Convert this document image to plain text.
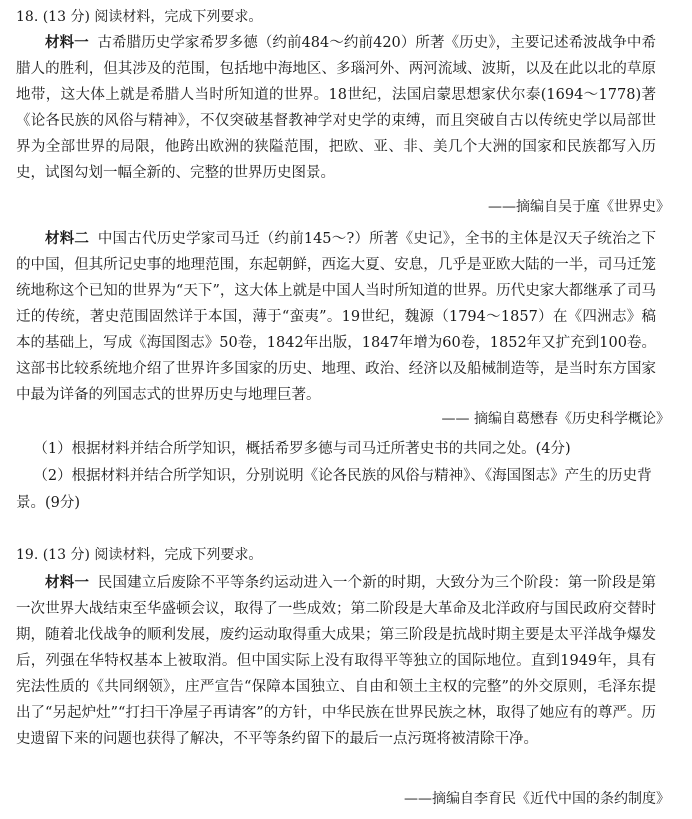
18. (13 分) 阅读材料，完成下列要求。

材料一 古希腊历史学家希罗多德（约前484～约前420）所著《历史》，主要记述希波战争中希腊人的胜利，但其涉及的范围，包括地中海地区、多瑙河外、两河流域、波斯，以及在此以北的草原地带，这大体上就是希腊人当时所知道的世界。18世纪，法国启蒙思想家伏尔泰(1694～1778)著《论各民族的风俗与精神》，不仅突破基督教神学对史学的束缚，而且突破自古以传统史学以局部世界为全部世界的局限，他跨出欧洲的狭隘范围，把欧、亚、非、美几个大洲的国家和民族都写入历史，试图勾划一幅全新的、完整的世界历史图景。

——摘编自吴于廑《世界史》

材料二 中国古代历史学家司马迁（约前145～?）所著《史记》，全书的主体是汉天子统治之下的中国，但其所记史事的地理范围，东起朝鲜，西迄大夏、安息，几乎是亚欧大陆的一半，司马迁笼统地称这个已知的世界为“天下”，这大体上就是中国人当时所知道的世界。历代史家大都继承了司马迁的传统，著史范围固然详于本国，薄于“蛮夷”。19世纪，魏源（1794～1857）在《四洲志》稿本的基础上，写成《海国图志》50卷，1842年出版，1847年增为60卷，1852年又扩充到100卷。这部书比较系统地介绍了世界许多国家的历史、地理、政治、经济以及船械制造等，是当时东方国家中最为详备的列国志式的世界历史与地理巨著。

—— 摘编自葛懋春《历史科学概论》

（1）根据材料并结合所学知识，概括希罗多德与司马迁所著史书的共同之处。(4分)

（2）根据材料并结合所学知识，分别说明《论各民族的风俗与精神》、《海国图志》产生的历史背景。(9分)

19. (13 分) 阅读材料，完成下列要求。

材料一 民国建立后废除不平等条约运动进入一个新的时期，大致分为三个阶段：第一阶段是第一次世界大战结束至华盛顿会议，取得了一些成效；第二阶段是大革命及北洋政府与国民政府交替时期，随着北伐战争的顺利发展，废约运动取得重大成果；第三阶段是抗战时期主要是太平洋战争爆发后，列强在华特权基本上被取消。但中国实际上没有取得平等独立的国际地位。直到1949年，具有宪法性质的《共同纲领》，庄严宣告“保障本国独立、自由和领土主权的完整”的外交原则，毛泽东提出了“另起炉灶”“打扫干净屋子再请客”的方针，中华民族在世界民族之林，取得了她应有的尊严。历史遗留下来的问题也获得了解决，不平等条约留下的最后一点污斑将被清除干净。

——摘编自李育民《近代中国的条约制度》
